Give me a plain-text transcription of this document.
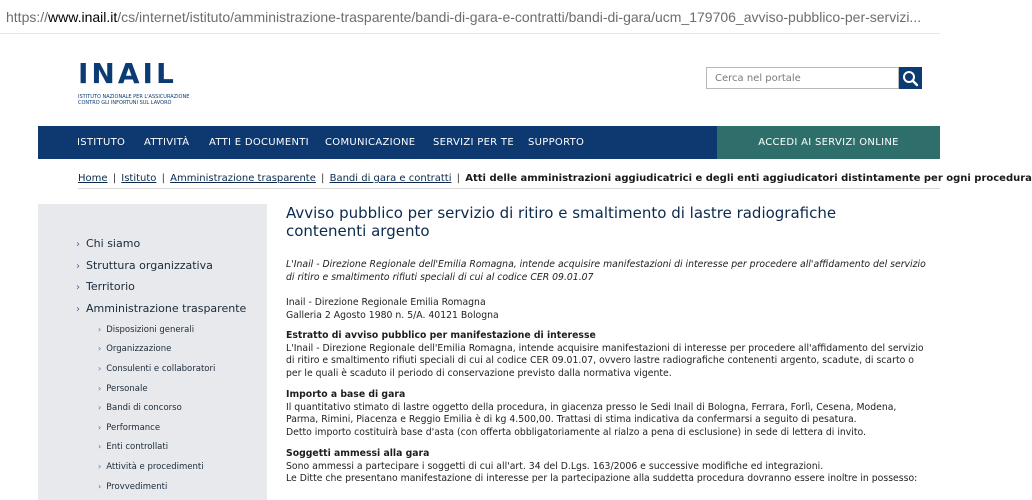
https://www.inail.it/cs/internet/istituto/amministrazione-trasparente/bandi-di-gara-e-contratti/bandi-di-gara/ucm_179706_avviso-pubblico-per-servizi...
INAIL
ISTITUTO NAZIONALE PER L'ASSICURAZIONE CONTRO GLI INFORTUNI SUL LAVORO
Cerca nel portale
ISTITUTO ATTIVITÀ ATTI E DOCUMENTI COMUNICAZIONE SERVIZI PER TE SUPPORTO	ACCEDI AI SERVIZI ONLINE
Home | Istituto | Amministrazione trasparente | Bandi di gara e contratti | Atti delle amministrazioni aggiudicatrici e degli enti aggiudicatori distintamente per ogni procedura
› Chi siamo
› Struttura organizzativa
› Territorio
› Amministrazione trasparente
› Disposizioni generali
› Organizzazione
› Consulenti e collaboratori
› Personale
› Bandi di concorso
› Performance
› Enti controllati
› Attività e procedimenti
› Provvedimenti
Avviso pubblico per servizio di ritiro e smaltimento di lastre radiografiche contenenti argento
L'Inail - Direzione Regionale dell'Emilia Romagna, intende acquisire manifestazioni di interesse per procedere all'affidamento del servizio di ritiro e smaltimento rifiuti speciali di cui al codice CER 09.01.07
Inail - Direzione Regionale Emilia Romagna
Galleria 2 Agosto 1980 n. 5/A. 40121 Bologna
Estratto di avviso pubblico per manifestazione di interesse
L'Inail - Direzione Regionale dell'Emilia Romagna, intende acquisire manifestazioni di interesse per procedere all'affidamento del servizio di ritiro e smaltimento rifiuti speciali di cui al codice CER 09.01.07, ovvero lastre radiografiche contenenti argento, scadute, di scarto o per le quali è scaduto il periodo di conservazione previsto dalla normativa vigente.
Importo a base di gara
Il quantitativo stimato di lastre oggetto della procedura, in giacenza presso le Sedi Inail di Bologna, Ferrara, Forlì, Cesena, Modena, Parma, Rimini, Piacenza e Reggio Emilia è di kg 4.500,00. Trattasi di stima indicativa da confermarsi a seguito di pesatura.
Detto importo costituirà base d'asta (con offerta obbligatoriamente al rialzo a pena di esclusione) in sede di lettera di invito.
Soggetti ammessi alla gara
Sono ammessi a partecipare i soggetti di cui all'art. 34 del D.Lgs. 163/2006 e successive modifiche ed integrazioni.
Le Ditte che presentano manifestazione di interesse per la partecipazione alla suddetta procedura dovranno essere inoltre in possesso:
